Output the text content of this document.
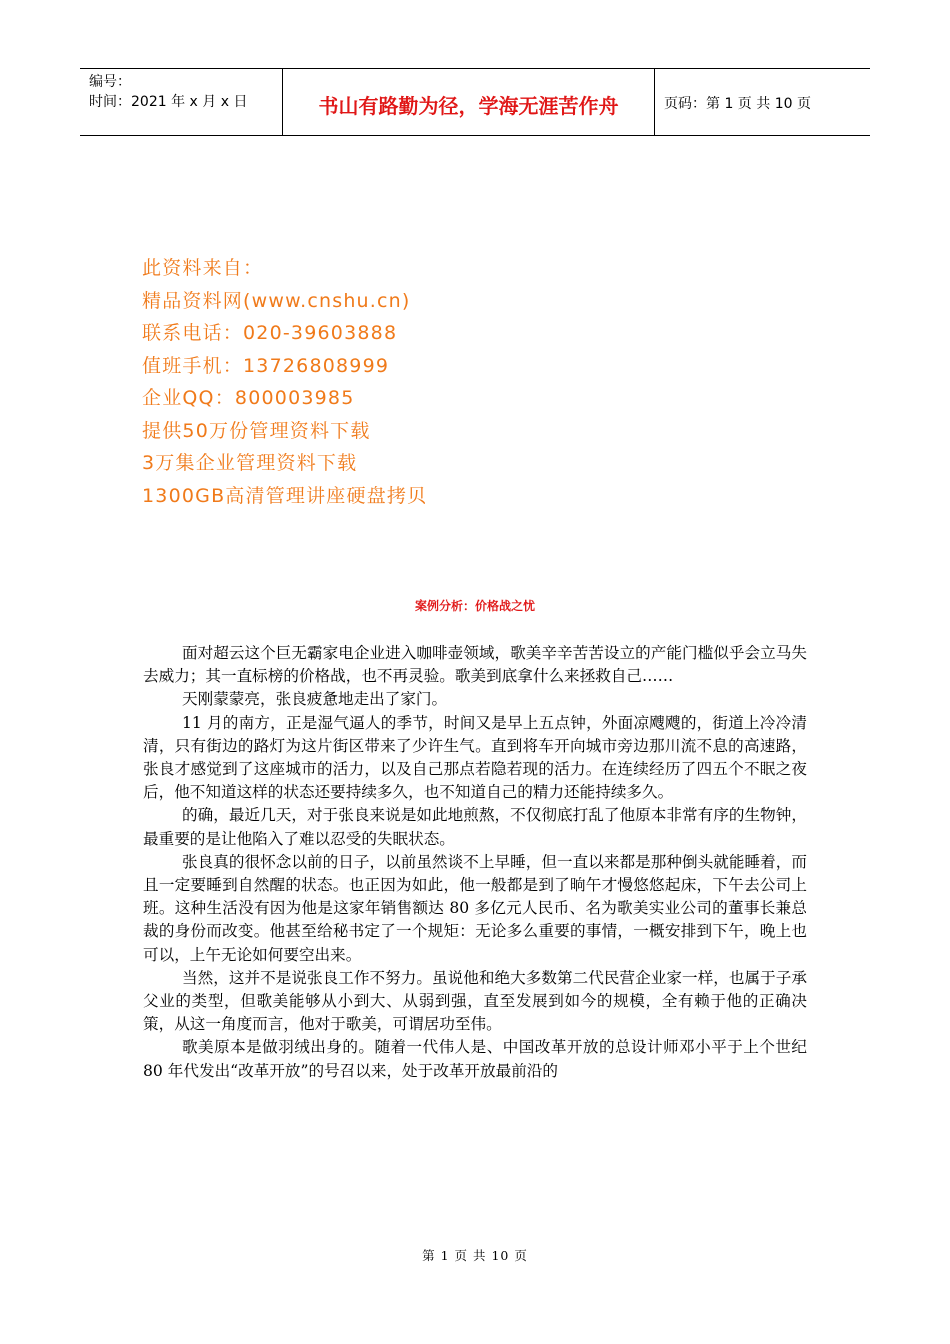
编号：
时间：2021 年 x 月 x 日	书山有路勤为径，学海无涯苦作舟	页码：第 1 页 共 10 页
此资料来自：
精品资料网(www.cnshu.cn)
联系电话：020-39603888
值班手机：13726808999
企业QQ：800003985
提供50万份管理资料下载
3万集企业管理资料下载
1300GB高清管理讲座硬盘拷贝
案例分析：价格战之忧

面对超云这个巨无霸家电企业进入咖啡壶领域，歌美辛辛苦苦设立的产能门槛似乎会立马失去威力；其一直标榜的价格战，也不再灵验。歌美到底拿什么来拯救自己……

天刚蒙蒙亮，张良疲惫地走出了家门。

11 月的南方，正是湿气逼人的季节，时间又是早上五点钟，外面凉飕飕的，街道上冷冷清清，只有街边的路灯为这片街区带来了少许生气。直到将车开向城市旁边那川流不息的高速路，张良才感觉到了这座城市的活力，以及自己那点若隐若现的活力。在连续经历了四五个不眠之夜后，他不知道这样的状态还要持续多久，也不知道自己的精力还能持续多久。

的确，最近几天，对于张良来说是如此地煎熬，不仅彻底打乱了他原本非常有序的生物钟，最重要的是让他陷入了难以忍受的失眠状态。

张良真的很怀念以前的日子，以前虽然谈不上早睡，但一直以来都是那种倒头就能睡着，而且一定要睡到自然醒的状态。也正因为如此，他一般都是到了晌午才慢悠悠起床，下午去公司上班。这种生活没有因为他是这家年销售额达 80 多亿元人民币、名为歌美实业公司的董事长兼总裁的身份而改变。他甚至给秘书定了一个规矩：无论多么重要的事情，一概安排到下午，晚上也可以，上午无论如何要空出来。

当然，这并不是说张良工作不努力。虽说他和绝大多数第二代民营企业家一样，也属于子承父业的类型，但歌美能够从小到大、从弱到强，直至发展到如今的规模，全有赖于他的正确决策，从这一角度而言，他对于歌美，可谓居功至伟。

歌美原本是做羽绒出身的。随着一代伟人是、中国改革开放的总设计师邓小平于上个世纪 80 年代发出“改革开放”的号召以来，处于改革开放最前沿的

第 1 页 共 10 页
